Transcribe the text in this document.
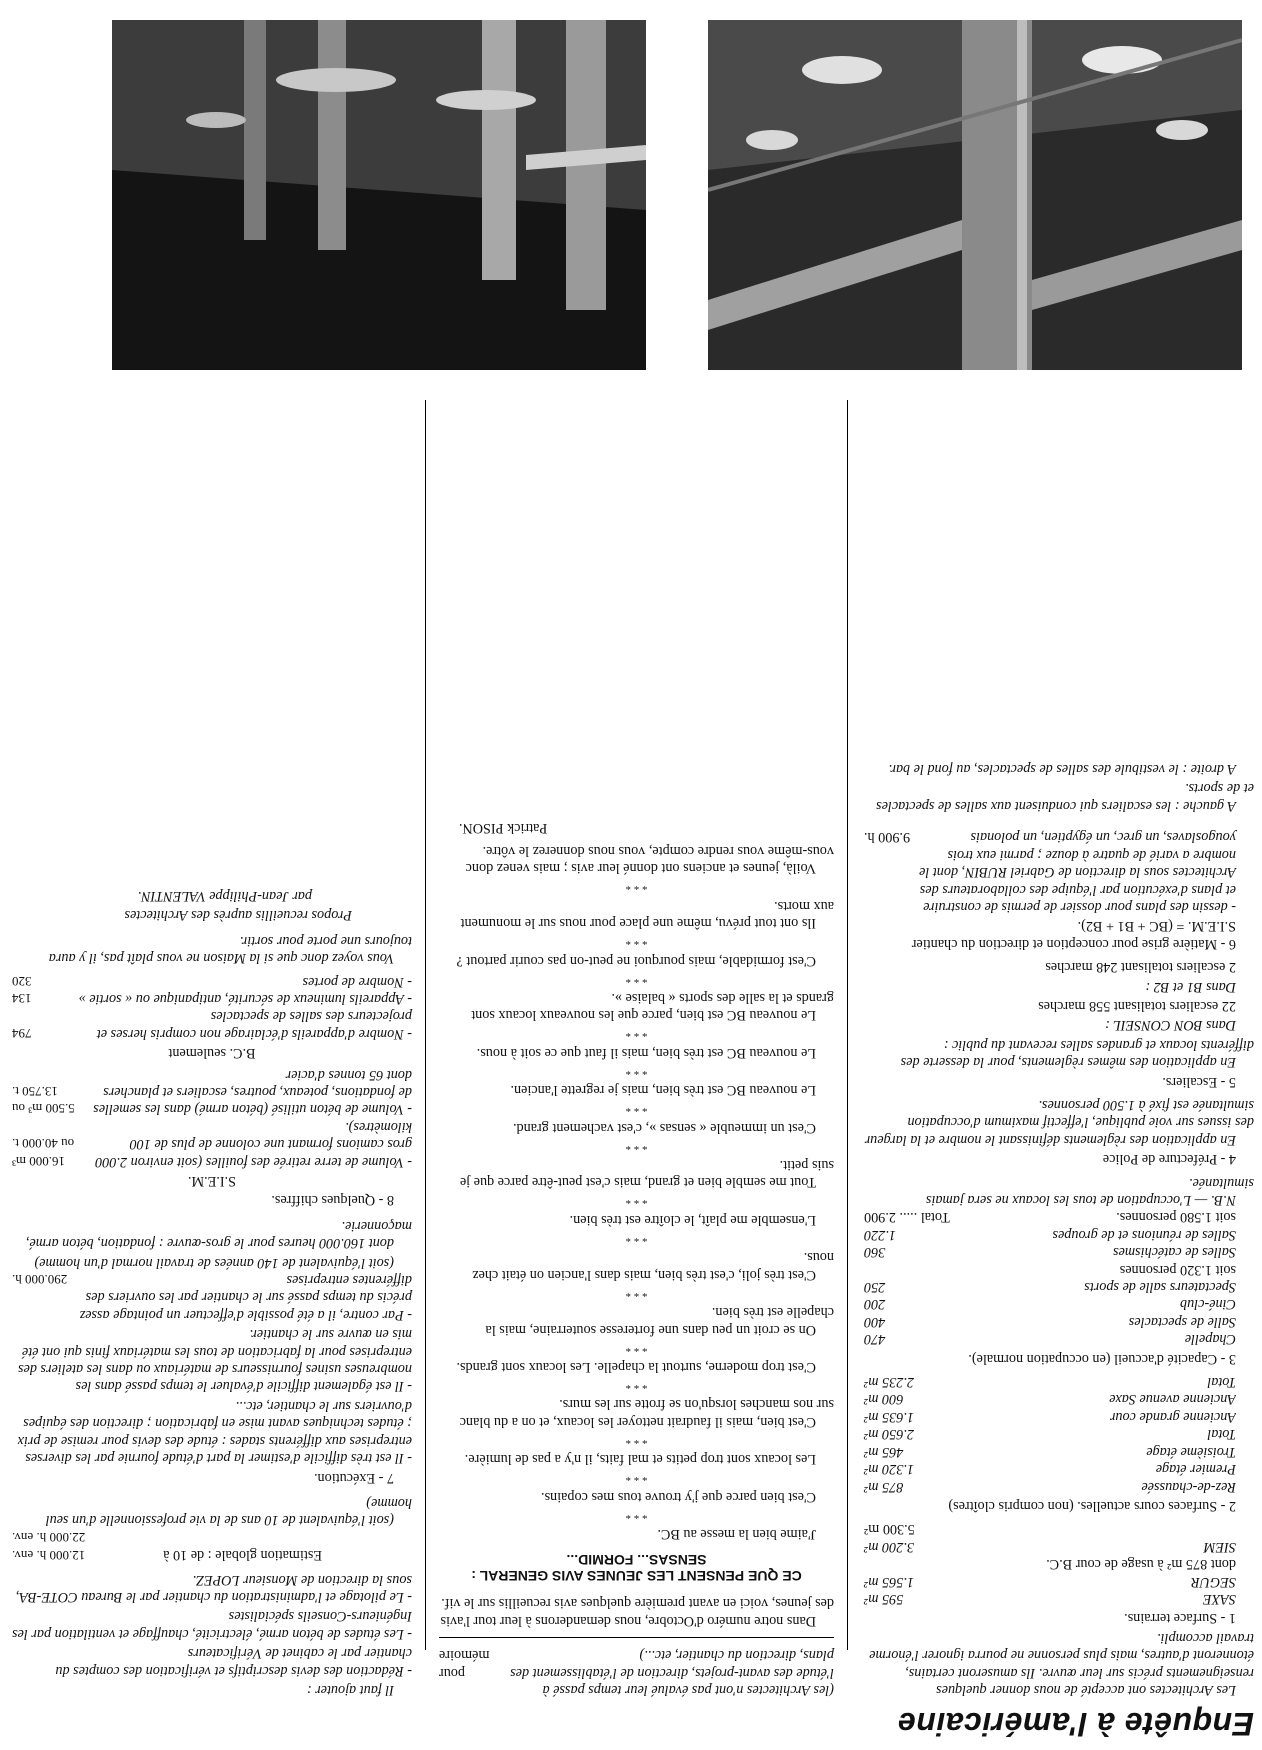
Enquête à l'américaine

Les Architectes ont accepté de nous donner quelques renseignements précis sur leur œuvre. Ils amuseront certains, étonneront d'autres, mais plus personne ne pourra ignorer l'énorme travail accompli.

1 - Surface terrains.

SAXE
595 m²
SEGUR
1.565 m²
dont 875 m² à usage de cour B.C.
SIEM
3.200 m²
5.300 m²

2 - Surfaces cours actuelles. (non compris cloîtres)

Rez-de-chaussée
875 m²
Premier étage
1.320 m²
Troisième étage
465 m²
Total
2.650 m²
Ancienne grande cour
1.635 m²
Ancienne avenue Saxe
600 m²
Total
2.235 m²

3 - Capacité d'accueil (en occupation normale).

Chapelle
470
Salle de spectacles
400
Ciné-club
200
Spectateurs salle de sports
250
soit 1.320 personnes
Salles de catéchismes
360
Salles de réunions et de groupes
1.220
soit 1.580 personnes.
Total ..... 2.900

N.B. — L'occupation de tous les locaux ne sera jamais simultanée.

4 - Préfecture de Police

En application des règlements définissant le nombre et la largeur des issues sur voie publique, l'effectif maximum d'occupation simultanée est fixé à 1.500 personnes.

5 - Escaliers.

En application des mêmes règlements, pour la desserte des différents locaux et grandes salles recevant du public :

Dans BON CONSEIL :

22 escaliers totalisant 558 marches

Dans B1 et B2 :

2 escaliers totalisant 248 marches

6 - Matière grise pour conception et direction du chantier S.I.E.M. = (BC + B1 + B2).

- dessin des plans pour dossier de permis de construire et plans d'exécution par l'équipe des collaborateurs des Architectes sous la direction de Gabriel RUBIN, dont le nombre a varié de quatre à douze ; parmi eux trois yougoslaves, un grec, un égyptien, un polonais
9.900 h.

A gauche : les escaliers qui conduisent aux salles de spectacles et de sports.

A droite : le vestibule des salles de spectacles, au fond le bar.

(les Architectes n'ont pas évalué leur temps passé à l'étude des avant-projets, direction de l'établissement des plans, direction du chantier, etc...)
pour mémoire

Dans notre numéro d'Octobre, nous demanderons à leur tour l'avis des jeunes, voici en avant première quelques avis recueillis sur le vif.

CE QUE PENSENT LES JEUNES AVIS GENERAL : SENSAS... FORMID...

J'aime bien la messe au BC.

* * *

C'est bien parce que j'y trouve tous mes copains.

* * *

Les locaux sont trop petits et mal faits, il n'y a pas de lumière.

* * *

C'est bien, mais il faudrait nettoyer les locaux, et on a du blanc sur nos manches lorsqu'on se frotte sur les murs.

* * *

C'est trop moderne, surtout la chapelle. Les locaux sont grands.

* * *

On se croit un peu dans une forteresse souterraine, mais la chapelle est très bien.

* * *

C'est très joli, c'est très bien, mais dans l'ancien on était chez nous.

* * *

L'ensemble me plaît, le cloître est très bien.

* * *

Tout me semble bien et grand, mais c'est peut-être parce que je suis petit.

* * *

C'est un immeuble « sensas », c'est vachement grand.

* * *

Le nouveau BC est très bien, mais je regrette l'ancien.

* * *

Le nouveau BC est très bien, mais il faut que ce soit à nous.

* * *

Le nouveau BC est bien, parce que les nouveaux locaux sont grands et la salle des sports « balaise ».

* * *

C'est formidable, mais pourquoi ne peut-on pas courir partout ?

* * *

Ils ont tout prévu, même une place pour nous sur le monument aux morts.

* * *

Voilà, jeunes et anciens ont donné leur avis ; mais venez donc vous-même vous rendre compte, vous nous donnerez le vôtre.

Patrick PISON.

Il faut ajouter :

- Rédaction des devis descriptifs et vérification des comptes du chantier par le cabinet de Vérificateurs

- Les études de béton armé, électricité, chauffage et ventilation par les Ingénieurs-Conseils spécialistes

- Le pilotage et l'administration du chantier par le Bureau COTE-BA, sous la direction de Monsieur LOPEZ.

Estimation globale : de 10 à
12.000 h. env.
22.000 h. env.

(soit l'équivalent de 10 ans de la vie professionnelle d'un seul homme)

7 - Exécution.

- Il est très difficile d'estimer la part d'étude fournie par les diverses entreprises aux différents stades : étude des devis pour remise de prix ; études techniques avant mise en fabrication ; direction des équipes d'ouvriers sur le chantier, etc...

- Il est également difficile d'évaluer le temps passé dans les nombreuses usines fournisseurs de matériaux ou dans les ateliers des entreprises pour la fabrication de tous les matériaux finis qui ont été mis en œuvre sur le chantier.

- Par contre, il a été possible d'effectuer un pointage assez précis du temps passé sur le chantier par les ouvriers des différentes entreprises
290.000 h.

(soit l'équivalent de 140 années de travail normal d'un homme)

dont 160.000 heures pour le gros-œuvre : fondation, béton armé, maçonnerie.

8 - Quelques chiffres.

S.I.E.M.

- Volume de terre retirée des fouilles (soit environ 2.000 gros camions formant une colonne de plus de 100 kilomètres).
16.000 m³ ou 40.000 t.
- Volume de béton utilisé (béton armé) dans les semelles de fondations, poteaux, poutres, escaliers et planchers dont 65 tonnes d'acier
5.500 m³ ou 13.750 t.

B.C. seulement

- Nombre d'appareils d'éclairage non compris herses et projecteurs des salles de spectacles
794
- Appareils lumineux de sécurité, antipanique ou « sortie »
134
- Nombre de portes
320

Vous voyez donc que si la Maison ne vous plaît pas, il y aura toujours une porte pour sortir.

Propos recueillis auprès des Architectes

par Jean-Philippe VALENTIN.
